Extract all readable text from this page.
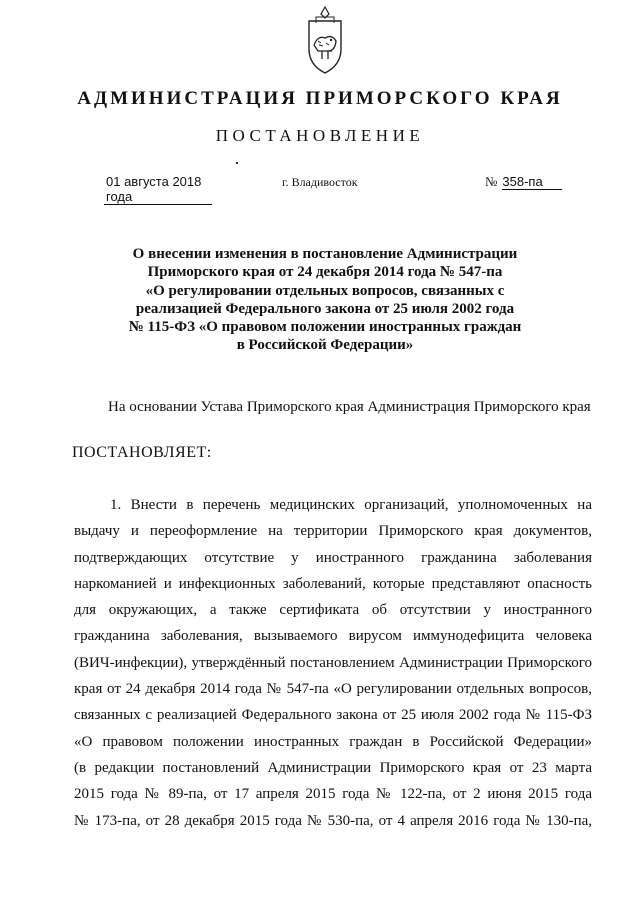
АДМИНИСТРАЦИЯ ПРИМОРСКОГО КРАЯ
ПОСТАНОВЛЕНИЕ
01 августа 2018 года
г. Владивосток	№ 358-па
О внесении изменения в постановление Администрации
Приморского края от 24 декабря 2014 года № 547-па
«О регулировании отдельных вопросов, связанных с
реализацией Федерального закона от 25 июля 2002 года
№ 115-ФЗ «О правовом положении иностранных граждан
в Российской Федерации»
На основании Устава Приморского края Администрация Приморского края
ПОСТАНОВЛЯЕТ:
1. Внести в перечень медицинских организаций, уполномоченных на
выдачу и переоформление на территории Приморского края документов,
подтверждающих отсутствие у иностранного гражданина заболевания
наркоманией и инфекционных заболеваний, которые представляют опасность
для окружающих, а также сертификата об отсутствии у иностранного
гражданина заболевания, вызываемого вирусом иммунодефицита человека
(ВИЧ-инфекции), утверждённый постановлением Администрации Приморского
края от 24 декабря 2014 года № 547-па «О регулировании отдельных вопросов,
связанных с реализацией Федерального закона от 25 июля 2002 года № 115-ФЗ
«О правовом положении иностранных граждан в Российской Федерации»
(в редакции постановлений Администрации Приморского края от 23 марта
2015 года № 89-па, от 17 апреля 2015 года № 122-па, от 2 июня 2015 года
№ 173-па, от 28 декабря 2015 года № 530-па, от 4 апреля 2016 года № 130-па,
